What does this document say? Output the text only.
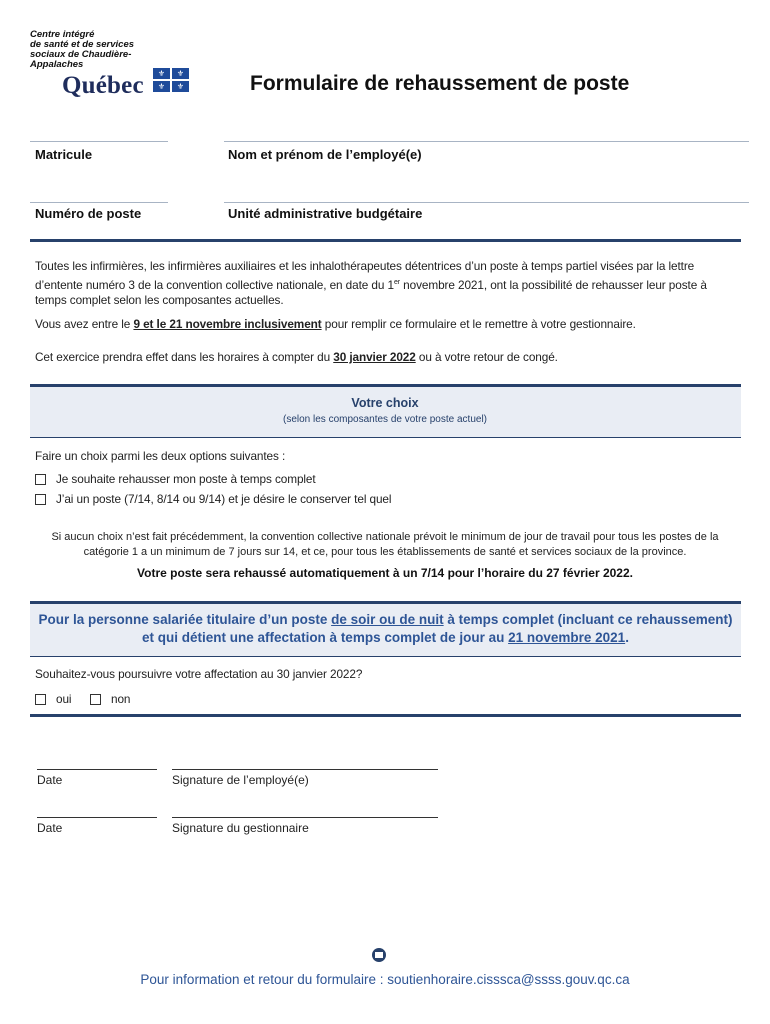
Centre intégré
de santé et de services
sociaux de Chaudière-
Appalaches
Québec	⚜	⚜
⚜	⚜	Formulaire de rehaussement de poste
Matricule	Nom et prénom de l’employé(e)
Numéro de poste	Unité administrative budgétaire
Toutes les infirmières, les infirmières auxiliaires et les inhalothérapeutes détentrices d’un poste à temps partiel visées par la lettre d’entente numéro 3 de la convention collective nationale, en date du 1er novembre 2021, ont la possibilité de rehausser leur poste à temps complet selon les composantes actuelles.
Vous avez entre le 9 et le 21 novembre inclusivement pour remplir ce formulaire et le remettre à votre gestionnaire.
Cet exercice prendra effet dans les horaires à compter du 30 janvier 2022 ou à votre retour de congé.
Votre choix
(selon les composantes de votre poste actuel)
Faire un choix parmi les deux options suivantes :
Je souhaite rehausser mon poste à temps complet
J’ai un poste (7/14, 8/14 ou 9/14) et je désire le conserver tel quel
Si aucun choix n’est fait précédemment, la convention collective nationale prévoit le minimum de jour de travail pour tous les postes de la
catégorie 1 a un minimum de 7 jours sur 14, et ce, pour tous les établissements de santé et services sociaux de la province.
Votre poste sera rehaussé automatiquement à un 7/14 pour l’horaire du 27 février 2022.
Pour la personne salariée titulaire d’un poste de soir ou de nuit à temps complet (incluant ce rehaussement)
et qui détient une affectation à temps complet de jour au 21 novembre 2021.
Souhaitez-vous poursuivre votre affectation au 30 janvier 2022?
oui	non
Date	Signature de l’employé(e)
Date	Signature du gestionnaire
Pour information et retour du formulaire : soutienhoraire.cisssca@ssss.gouv.qc.ca
